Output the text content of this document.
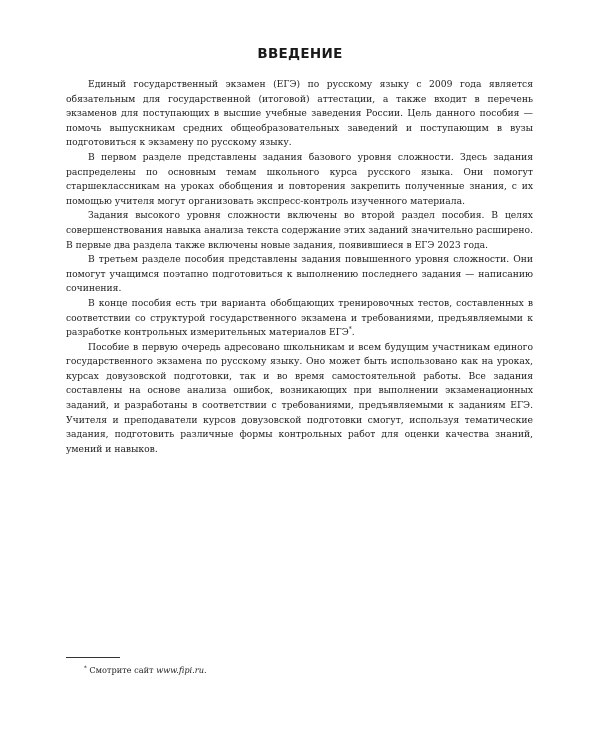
ВВЕДЕНИЕ

Единый государственный экзамен (ЕГЭ) по русскому языку с 2009 года является обязательным для государственной (итоговой) аттестации, а также входит в перечень экзаменов для поступающих в высшие учебные заведения России. Цель данного пособия — помочь выпускникам средних общеобразовательных заведений и поступающим в вузы подготовиться к экзамену по русскому языку.

В первом разделе представлены задания базового уровня сложности. Здесь задания распределены по основным темам школьного курса русского языка. Они помогут старшеклассникам на уроках обобщения и повторения закрепить полученные знания, с их помощью учителя могут организовать экспресс-контроль изученного материала.

Задания высокого уровня сложности включены во второй раздел пособия. В целях совершенствования навыка анализа текста содержание этих заданий значительно расширено. В первые два раздела также включены новые задания, появившиеся в ЕГЭ 2023 года.

В третьем разделе пособия представлены задания повышенного уровня сложности. Они помогут учащимся поэтапно подготовиться к выполнению последнего задания — написанию сочинения.

В конце пособия есть три варианта обобщающих тренировочных тестов, составленных в соответствии со структурой государственного экзамена и требованиями, предъявляемыми к разработке контрольных измерительных материалов ЕГЭ*.

Пособие в первую очередь адресовано школьникам и всем будущим участникам единого государственного экзамена по русскому языку. Оно может быть использовано как на уроках, курсах довузовской подготовки, так и во время самостоятельной работы. Все задания составлены на основе анализа ошибок, возникающих при выполнении экзаменационных заданий, и разработаны в соответствии с требованиями, предъявляемыми к заданиям ЕГЭ. Учителя и преподаватели курсов довузовской подготовки смогут, используя тематические задания, подготовить различные формы контрольных работ для оценки качества знаний, умений и навыков.

* Смотрите сайт www.fipi.ru.
